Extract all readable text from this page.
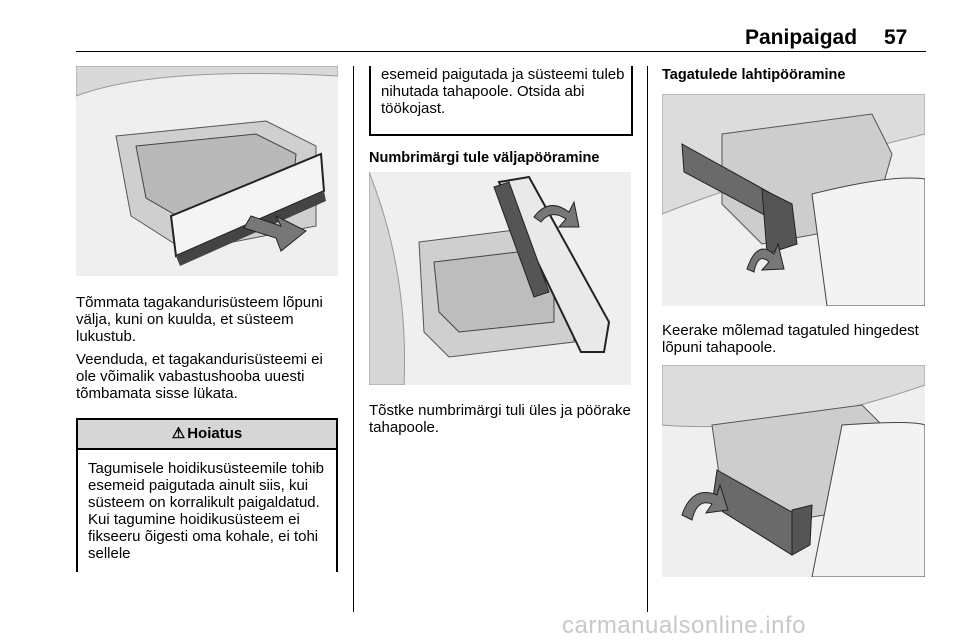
Panipaigad 57
Tõmmata tagakandurisüsteem lõpuni välja, kuni on kuulda, et süsteem lukustub.
Veenduda, et tagakandurisüsteemi ei ole võimalik vabastushooba uuesti tõmbamata sisse lükata.
⚠ Hoiatus
Tagumisele hoidikusüsteemile tohib esemeid paigutada ainult siis, kui süsteem on korralikult paigaldatud. Kui tagumine hoidikusüsteem ei fikseeru õigesti oma kohale, ei tohi sellele
esemeid paigutada ja süsteemi tuleb nihutada tahapoole. Otsida abi töökojast.
Numbrimärgi tule väljapööramine
Tõstke numbrimärgi tuli üles ja pöörake tahapoole.
Tagatulede lahtipööramine
Keerake mõlemad tagatuled hingedest lõpuni tahapoole.
carmanualsonline.info
